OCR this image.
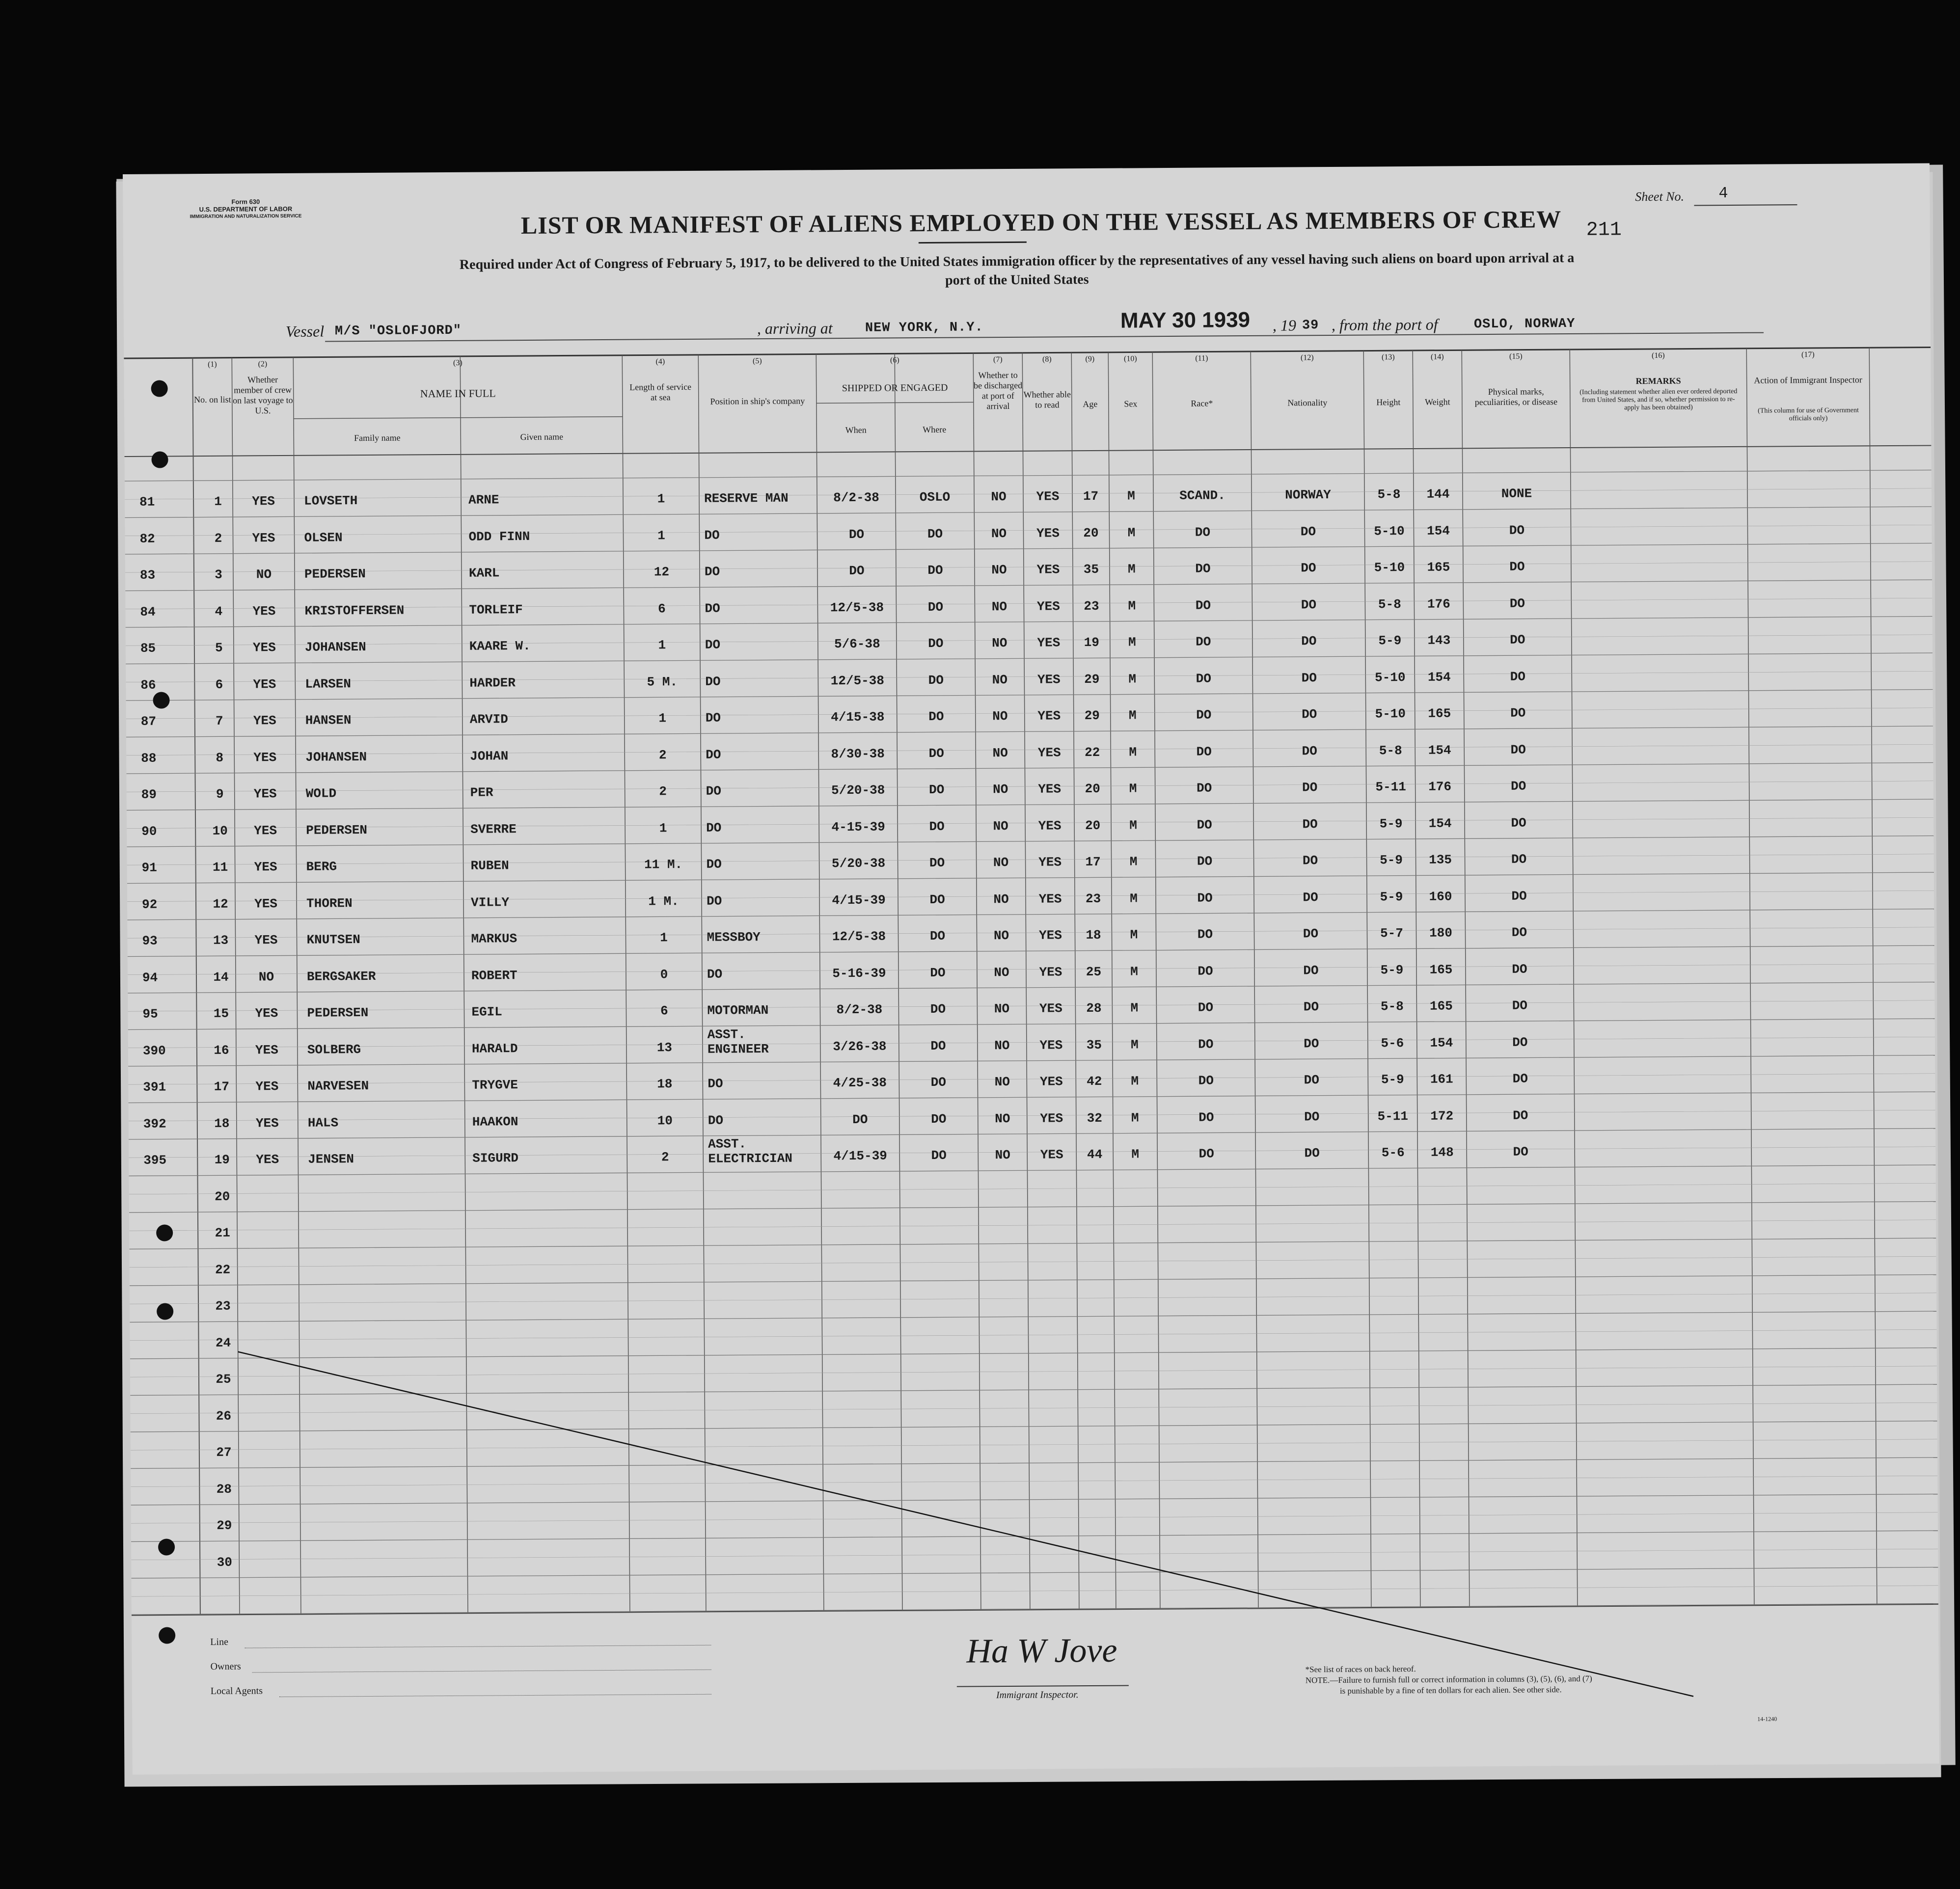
Form 630
U.S. DEPARTMENT OF LABOR
IMMIGRATION AND NATURALIZATION SERVICE
Sheet No. 4
LIST OR MANIFEST OF ALIENS EMPLOYED ON THE VESSEL AS MEMBERS OF CREW	211
Required under Act of Congress of February 5, 1917, to be delivered to the United States immigration officer by the representatives of any vessel having such aliens on board upon arrival at a
port of the United States
Vessel M/S "OSLOFJORD"	, arriving at NEW YORK, N.Y.	MAY 30 1939 , 19 39 , from the port of	OSLO, NORWAY
(1)
No. on list
(2)
Whether member of crew on last voyage to U.S.
(3)
NAME IN FULL
Family name	Given name
(4)
Length of service at sea
(5)
Position in ship's company
(6)
SHIPPED OR ENGAGED
When	Where
(7)
Whether to be discharged at port of arrival
(8)
Whether able to read
(9)
Age
(10)
Sex
(11)
Race*
(12)
Nationality
(13)
Height
(14)
Weight
(15)
Physical marks, peculiarities, or disease
(16)
REMARKS
(Including statement whether alien ever ordered deported from United States, and if so, whether permission to re-apply has been obtained)
(17)
Action of Immigrant Inspector
(This column for use of Government officials only)
81	1	YES	LOVSETH	ARNE	1	RESERVE MAN	8/2-38	OSLO	NO	YES	17	M	SCAND.	NORWAY	5-8	144	NONE
82	2	YES	OLSEN	ODD FINN	1	DO	DO	DO	NO	YES	20	M	DO	DO	5-10	154	DO
83	3	NO	PEDERSEN	KARL	12	DO	DO	DO	NO	YES	35	M	DO	DO	5-10	165	DO
84	4	YES	KRISTOFFERSEN	TORLEIF	6	DO	12/5-38	DO	NO	YES	23	M	DO	DO	5-8	176	DO
85	5	YES	JOHANSEN	KAARE W.	1	DO	5/6-38	DO	NO	YES	19	M	DO	DO	5-9	143	DO
86	6	YES	LARSEN	HARDER	5 M.	DO	12/5-38	DO	NO	YES	29	M	DO	DO	5-10	154	DO
87	7	YES	HANSEN	ARVID	1	DO	4/15-38	DO	NO	YES	29	M	DO	DO	5-10	165	DO
88	8	YES	JOHANSEN	JOHAN	2	DO	8/30-38	DO	NO	YES	22	M	DO	DO	5-8	154	DO
89	9	YES	WOLD	PER	2	DO	5/20-38	DO	NO	YES	20	M	DO	DO	5-11	176	DO
90	10	YES	PEDERSEN	SVERRE	1	DO	4-15-39	DO	NO	YES	20	M	DO	DO	5-9	154	DO
91	11	YES	BERG	RUBEN	11 M.	DO	5/20-38	DO	NO	YES	17	M	DO	DO	5-9	135	DO
92	12	YES	THOREN	VILLY	1 M.	DO	4/15-39	DO	NO	YES	23	M	DO	DO	5-9	160	DO
93	13	YES	KNUTSEN	MARKUS	1	MESSBOY	12/5-38	DO	NO	YES	18	M	DO	DO	5-7	180	DO
94	14	NO	BERGSAKER	ROBERT	0	DO	5-16-39	DO	NO	YES	25	M	DO	DO	5-9	165	DO
95	15	YES	PEDERSEN	EGIL	6	MOTORMAN	8/2-38	DO	NO	YES	28	M	DO	DO	5-8	165	DO
390	16	YES	SOLBERG	HARALD	13
ASST.
ENGINEER	3/26-38	DO	NO	YES	35	M	DO	DO	5-6	154	DO
391	17	YES	NARVESEN	TRYGVE	18	DO	4/25-38	DO	NO	YES	42	M	DO	DO	5-9	161	DO
392	18	YES	HALS	HAAKON	10	DO	DO	DO	NO	YES	32	M	DO	DO	5-11	172	DO
395	19	YES	JENSEN	SIGURD	2
ASST.
ELECTRICIAN	4/15-39	DO	NO	YES	44	M	DO	DO	5-6	148	DO
20
21
22
23
24
25
26
27
28
29
30
Line
Owners
Local Agents
Ha W Jove
Immigrant Inspector.
*See list of races on back hereof.
NOTE.—Failure to furnish full or correct information in columns (3), (5), (6), and (7)
is punishable by a fine of ten dollars for each alien. See other side.
14-1240
